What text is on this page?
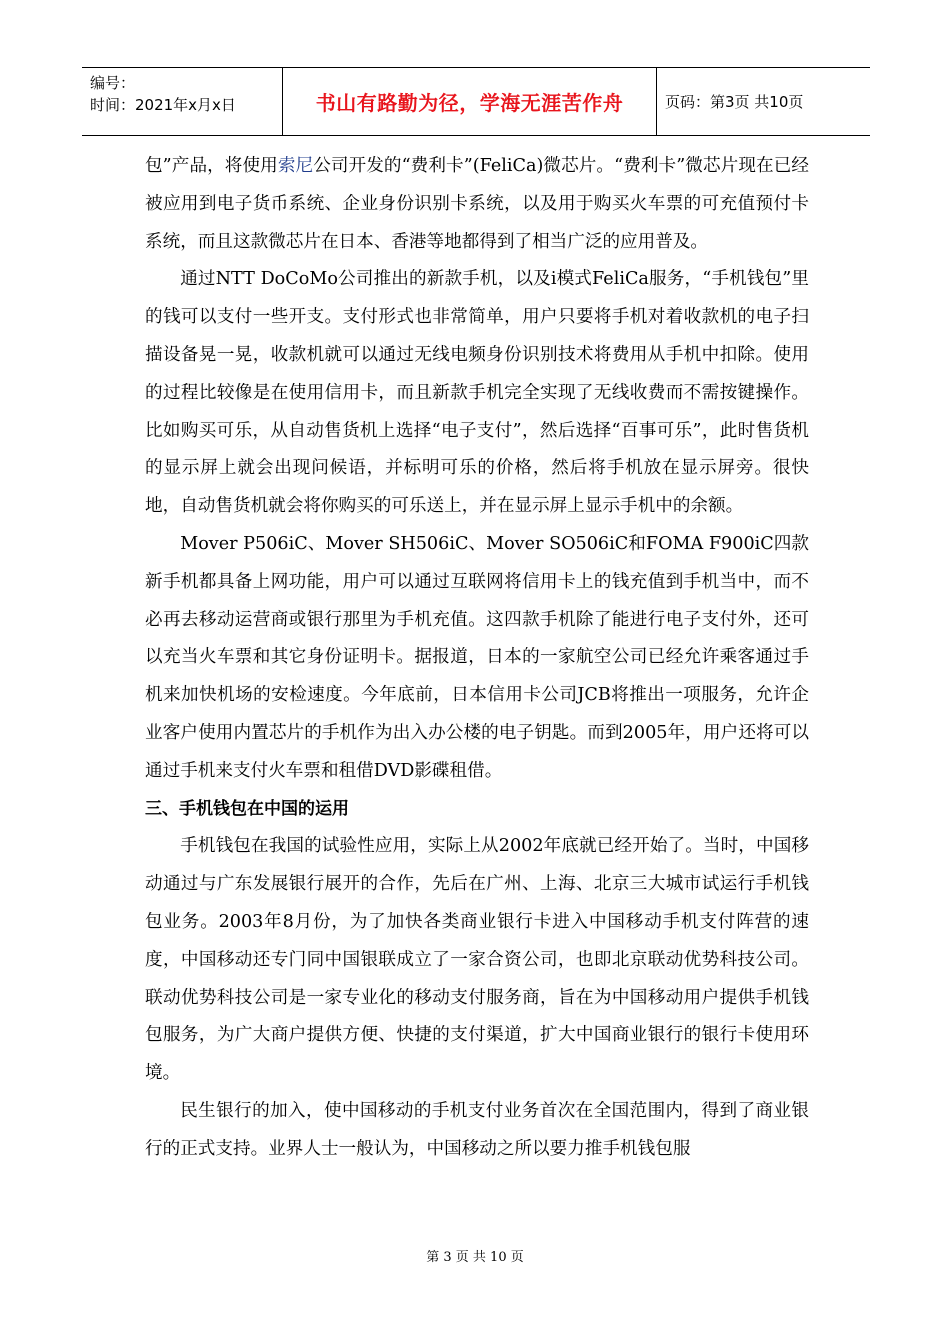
编号：
时间：2021年x月x日	书山有路勤为径，学海无涯苦作舟	页码：第3页 共10页

包”产品，将使用索尼公司开发的“费利卡”(FeliCa)微芯片。“费利卡”微芯片现在已经被应用到电子货币系统、企业身份识别卡系统，以及用于购买火车票的可充值预付卡系统，而且这款微芯片在日本、香港等地都得到了相当广泛的应用普及。

通过NTT DoCoMo公司推出的新款手机，以及i模式FeliCa服务，“手机钱包”里的钱可以支付一些开支。支付形式也非常简单，用户只要将手机对着收款机的电子扫描设备晃一晃，收款机就可以通过无线电频身份识别技术将费用从手机中扣除。使用的过程比较像是在使用信用卡，而且新款手机完全实现了无线收费而不需按键操作。比如购买可乐，从自动售货机上选择“电子支付”，然后选择“百事可乐”，此时售货机的显示屏上就会出现问候语，并标明可乐的价格，然后将手机放在显示屏旁。很快地，自动售货机就会将你购买的可乐送上，并在显示屏上显示手机中的余额。

Mover P506iC、Mover SH506iC、Mover SO506iC和FOMA F900iC四款新手机都具备上网功能，用户可以通过互联网将信用卡上的钱充值到手机当中，而不必再去移动运营商或银行那里为手机充值。这四款手机除了能进行电子支付外，还可以充当火车票和其它身份证明卡。据报道，日本的一家航空公司已经允许乘客通过手机来加快机场的安检速度。今年底前，日本信用卡公司JCB将推出一项服务，允许企业客户使用内置芯片的手机作为出入办公楼的电子钥匙。而到2005年，用户还将可以通过手机来支付火车票和租借DVD影碟租借。

三、手机钱包在中国的运用

手机钱包在我国的试验性应用，实际上从2002年底就已经开始了。当时，中国移动通过与广东发展银行展开的合作，先后在广州、上海、北京三大城市试运行手机钱包业务。2003年8月份，为了加快各类商业银行卡进入中国移动手机支付阵营的速度，中国移动还专门同中国银联成立了一家合资公司，也即北京联动优势科技公司。联动优势科技公司是一家专业化的移动支付服务商，旨在为中国移动用户提供手机钱包服务，为广大商户提供方便、快捷的支付渠道，扩大中国商业银行的银行卡使用环境。

民生银行的加入，使中国移动的手机支付业务首次在全国范围内，得到了商业银行的正式支持。业界人士一般认为，中国移动之所以要力推手机钱包服

第 3 页 共 10 页
